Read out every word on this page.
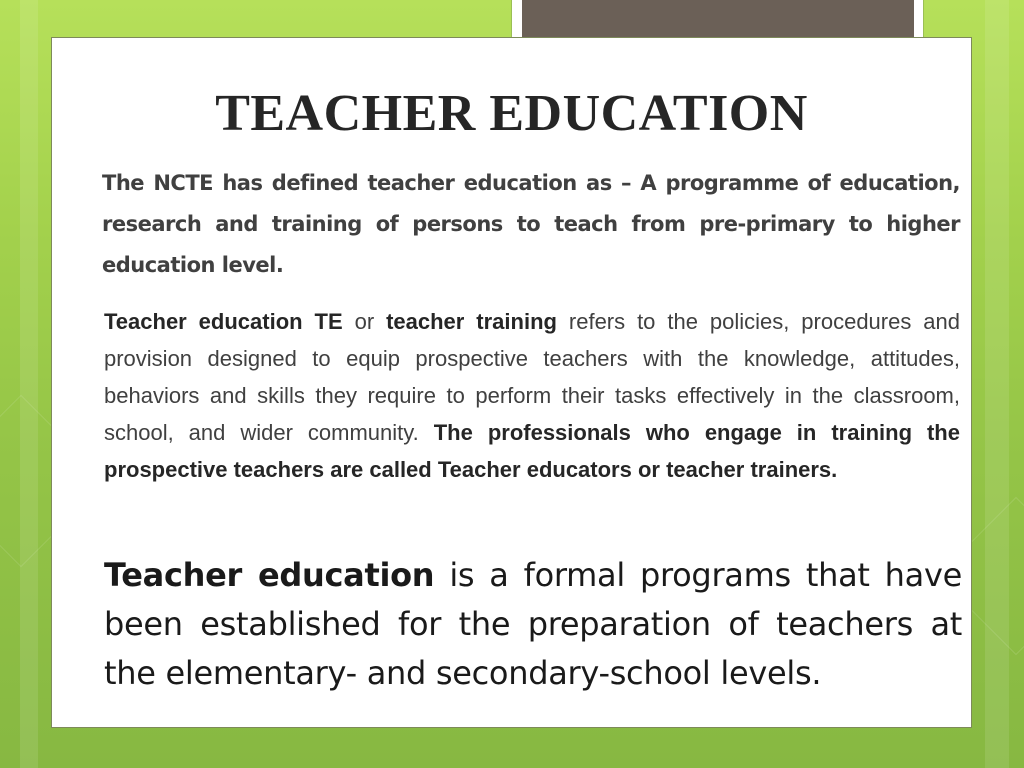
TEACHER EDUCATION

The NCTE has defined teacher education as – A programme of education, research and training of persons to teach from pre-primary to higher education level.

Teacher education TE or teacher training refers to the policies, procedures and provision designed to equip prospective teachers with the knowledge, attitudes, behaviors and skills they require to perform their tasks effectively in the classroom, school, and wider community. The professionals who engage in training the prospective teachers are called Teacher educators or teacher trainers.

Teacher education is a formal programs that have been established for the preparation of teachers at the elementary- and secondary-school levels.
